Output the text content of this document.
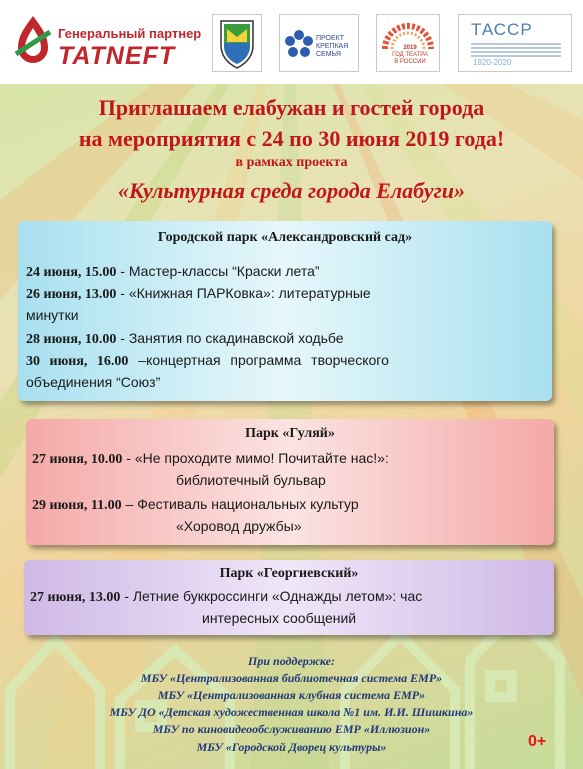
Генеральный партнер
TATNEFT
ПРОЕКТ
КРЕПКАЯ
СЕМЬЯ
2019
ГОД ТЕАТРА
В РОССИИ
ТАССР
1920-2020
Приглашаем елабужан и гостей города
на мероприятия с 24 по 30 июня 2019 года!
в рамках проекта
«Культурная среда города Елабуги»
Городской парк «Александровский сад»
24 июня, 15.00 - Мастер-классы “Краски лета”
26 июня, 13.00 - «Книжная ПАРКовка»: литературные
минутки
28 июня, 10.00 - Занятия по скадинавской ходьбе
30 июня, 16.00 –концертная программа творческого
объединения “Союз”
Парк «Гуляй»
27 июня, 10.00 - «Не проходите мимо! Почитайте нас!»:
библиотечный бульвар
29 июня, 11.00 – Фестиваль национальных культур
«Хоровод дружбы»
Парк «Георгиевский»
27 июня, 13.00 - Летние буккроссинги «Однажды летом»: час
интересных сообщений
При поддержке:
МБУ «Централизованная библиотечная система ЕМР»
МБУ «Централизованная клубная система ЕМР»
МБУ ДО «Детская художественная школа №1 им. И.И. Шишкина»
МБУ по киновидеообслуживанию ЕМР «Иллюзион»
МБУ «Городской Дворец культуры»	0+
